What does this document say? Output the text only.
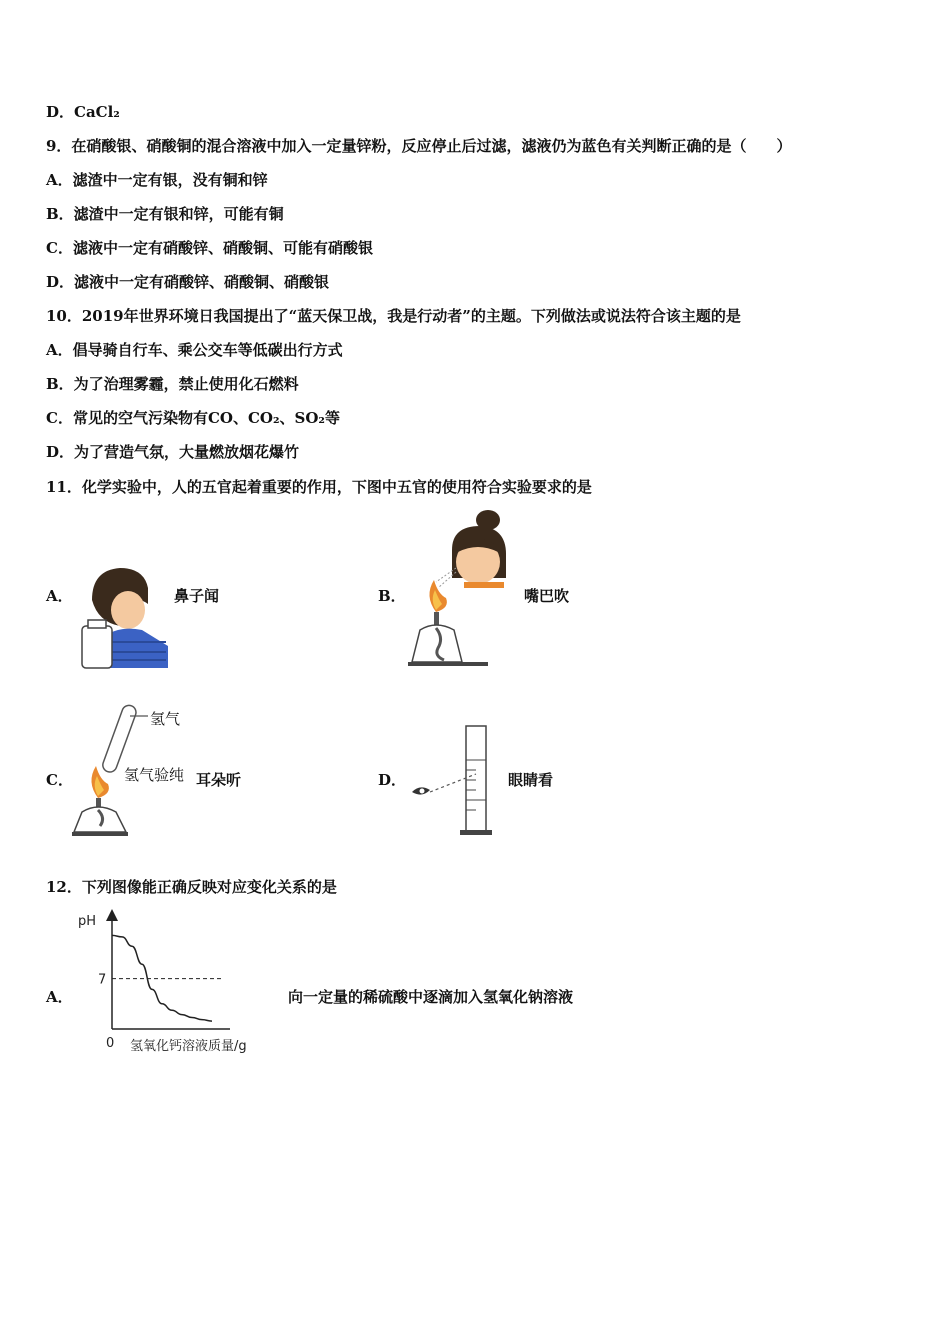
D．CaCl₂
9．在硝酸银、硝酸铜的混合溶液中加入一定量锌粉，反应停止后过滤，滤液仍为蓝色有关判断正确的是（　　）
A．滤渣中一定有银，没有铜和锌
B．滤渣中一定有银和锌，可能有铜
C．滤液中一定有硝酸锌、硝酸铜、可能有硝酸银
D．滤液中一定有硝酸锌、硝酸铜、硝酸银
10．2019年世界环境日我国提出了“蓝天保卫战，我是行动者”的主题。下列做法或说法符合该主题的是
A．倡导骑自行车、乘公交车等低碳出行方式
B．为了治理雾霾，禁止使用化石燃料
C．常见的空气污染物有CO、CO₂、SO₂等
D．为了营造气氛，大量燃放烟花爆竹
11．化学实验中，人的五官起着重要的作用，下图中五官的使用符合实验要求的是
A．	鼻子闻	B．	嘴巴吹
C．
氢气
氢气验纯 耳朵听	D．	眼睛看
12．下列图像能正确反映对应变化关系的是
A．
pH
0 氢氧化钙溶液质量/g
7
向一定量的稀硫酸中逐滴加入氢氧化钠溶液
